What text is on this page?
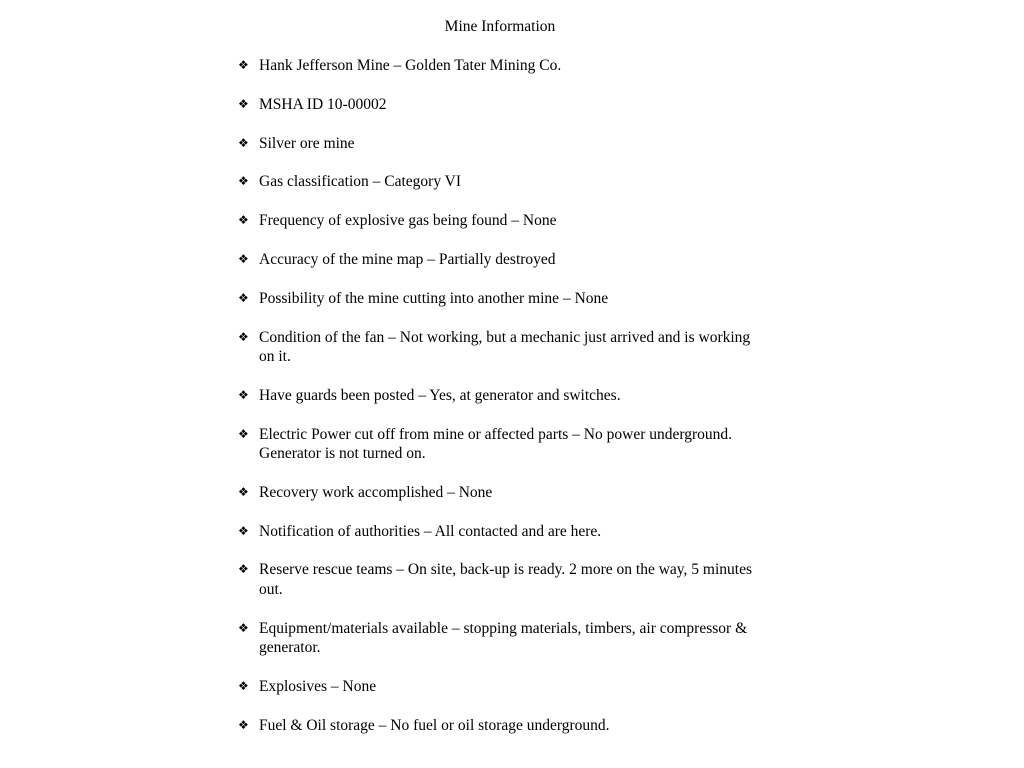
Mine Information
❖ Hank Jefferson Mine – Golden Tater Mining Co.
❖ MSHA ID 10-00002
❖ Silver ore mine
❖ Gas classification – Category VI
❖ Frequency of explosive gas being found – None
❖ Accuracy of the mine map – Partially destroyed
❖ Possibility of the mine cutting into another mine – None
❖ Condition of the fan – Not working, but a mechanic just arrived and is working on it.
❖ Have guards been posted – Yes, at generator and switches.
❖ Electric Power cut off from mine or affected parts – No power underground. Generator is not turned on.
❖ Recovery work accomplished – None
❖ Notification of authorities – All contacted and are here.
❖ Reserve rescue teams – On site, back-up is ready. 2 more on the way, 5 minutes out.
❖ Equipment/materials available – stopping materials, timbers, air compressor & generator.
❖ Explosives – None
❖ Fuel & Oil storage – No fuel or oil storage underground.
